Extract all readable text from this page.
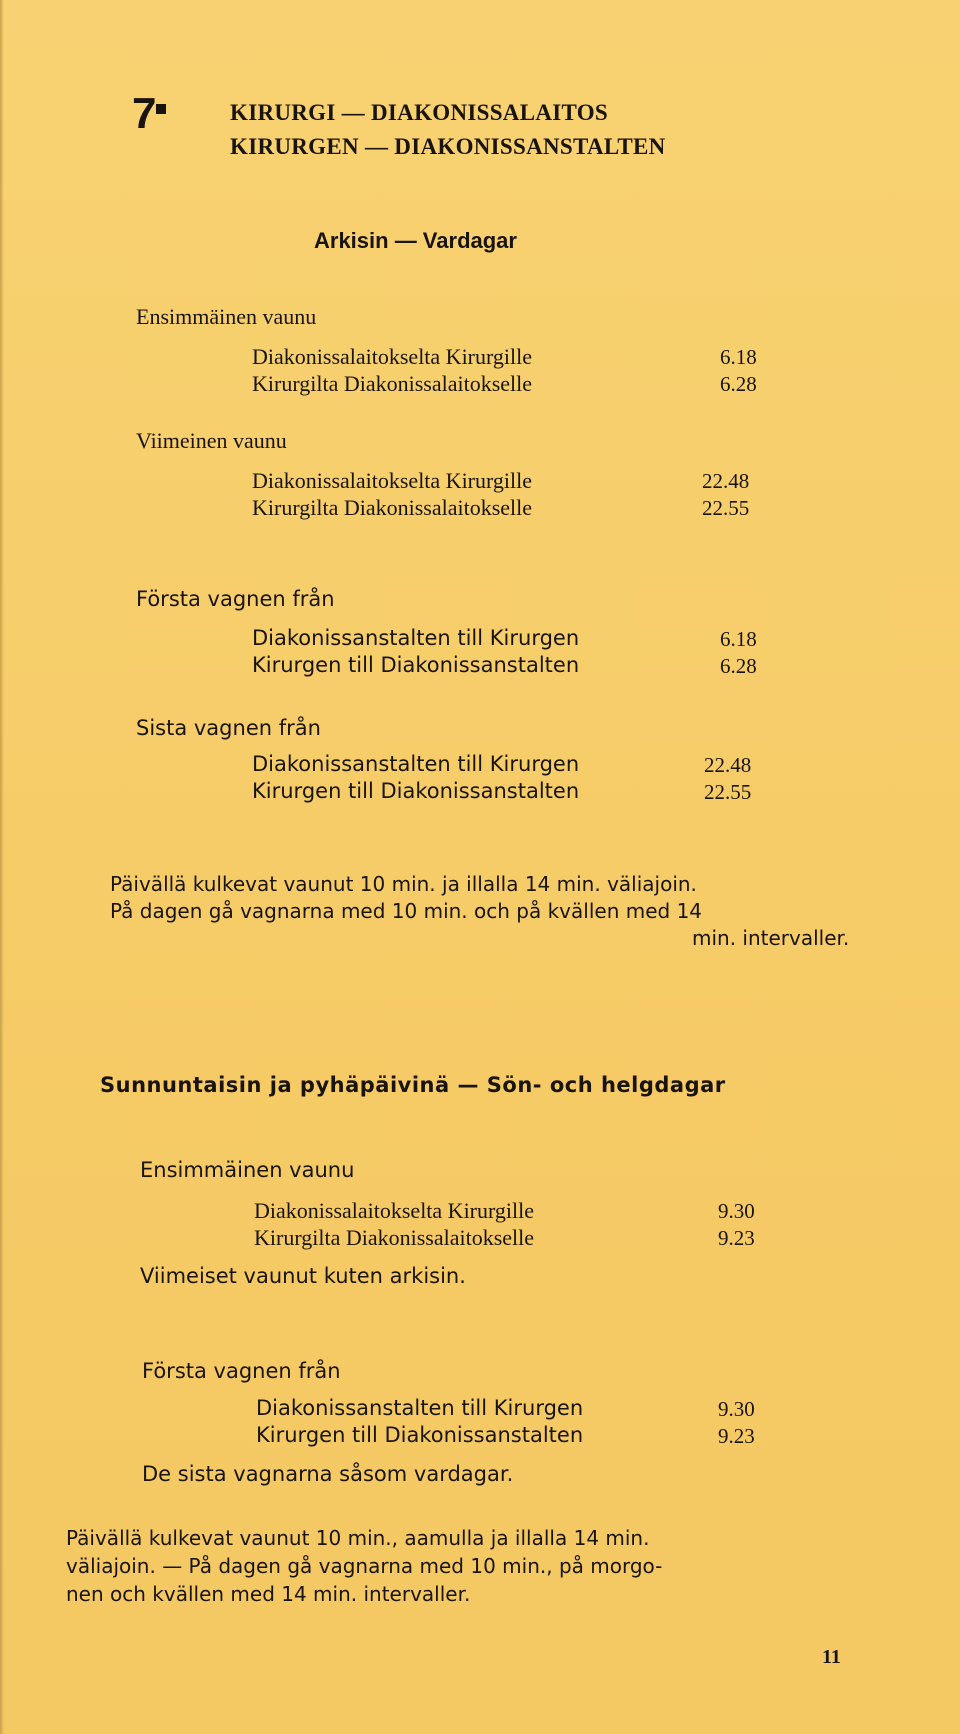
7	KIRURGI — DIAKONISSALAITOS
KIRURGEN — DIAKONISSANSTALTEN
Arkisin — Vardagar
Ensimmäinen vaunu
Diakonissalaitokselta Kirurgille	6.18
Kirurgilta Diakonissalaitokselle	6.28
Viimeinen vaunu
Diakonissalaitokselta Kirurgille	22.48
Kirurgilta Diakonissalaitokselle	22.55
Första vagnen från
Diakonissanstalten till Kirurgen	6.18
Kirurgen till Diakonissanstalten	6.28
Sista vagnen från
Diakonissanstalten till Kirurgen	22.48
Kirurgen till Diakonissanstalten	22.55
Päivällä kulkevat vaunut 10 min. ja illalla 14 min. väliajoin.
På dagen gå vagnarna med 10 min. och på kvällen med 14
min. intervaller.
Sunnuntaisin ja pyhäpäivinä — Sön- och helgdagar
Ensimmäinen vaunu
Diakonissalaitokselta Kirurgille	9.30
Kirurgilta Diakonissalaitokselle	9.23
Viimeiset vaunut kuten arkisin.
Första vagnen från
Diakonissanstalten till Kirurgen	9.30
Kirurgen till Diakonissanstalten	9.23
De sista vagnarna såsom vardagar.
Päivällä kulkevat vaunut 10 min., aamulla ja illalla 14 min.
väliajoin. — På dagen gå vagnarna med 10 min., på morgo-
nen och kvällen med 14 min. intervaller.
11
